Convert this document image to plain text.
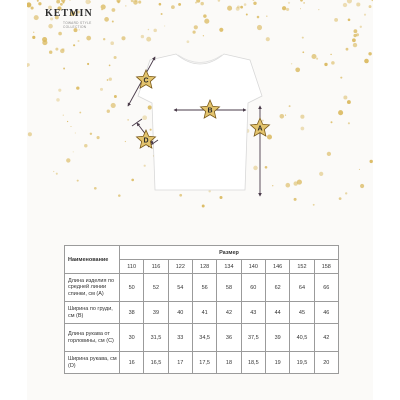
KETMIN
TOWARD STYLE
COLLECTION
C
B
A
D
Наименование	Размер								
	110	116	122	128	134	140	146	152	158
Длина изделия по средней линии спинки, см (A)	50	52	54	56	58	60	62	64	66
Ширина по груди, см (B)	38	39	40	41	42	43	44	45	46
Длина рукава от горловины, см (C)	30	31,5	33	34,5	36	37,5	39	40,5	42
Ширина рукава, см (D)	16	16,5	17	17,5	18	18,5	19	19,5	20
